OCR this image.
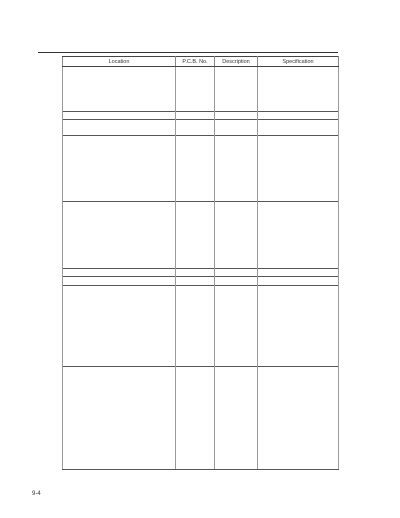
Location	P.C.B. No.	Description	Specification

9-4
